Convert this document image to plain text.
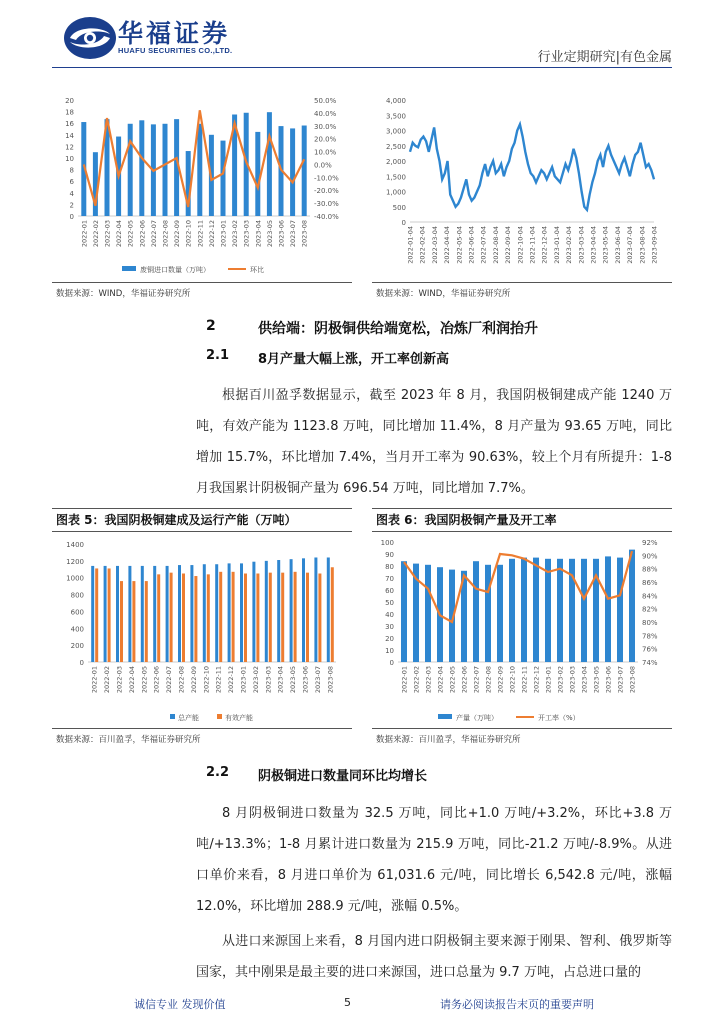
华福证券
HUAFU SECURITIES CO.,LTD.	行业定期研究|有色金属
0
2
4
6
8
10
12
14
16
18
20
-40.0%
-30.0%
-20.0%
-10.0%
0.0%
10.0%
20.0%
30.0%
40.0%
50.0%
2022-01 2022-02 2022-03 2022-04 2022-05 2022-06 2022-07 2022-08 2022-09 2022-10 2022-11 2022-12 2023-01 2023-02 2023-03 2023-04 2023-05 2023-06 2023-07 2023-08
废铜进口数量（万吨）	环比
0
500
1,000
1,500
2,000
2,500
3,000
3,500
4,000
2022-01-04 2022-02-04 2022-03-04 2022-04-04 2022-05-04 2022-06-04 2022-07-04 2022-08-04 2022-09-04 2022-10-04 2022-11-04 2022-12-04 2023-01-04 2023-02-04 2023-03-04 2023-04-04 2023-05-04 2023-06-04 2023-07-04 2023-08-04 2023-09-04
数据来源：WIND，华福证券研究所	数据来源：WIND，华福证券研究所
2	供给端：阴极铜供给端宽松，冶炼厂利润抬升
2.1 8月产量大幅上涨，开工率创新高

根据百川盈孚数据显示，截至 2023 年 8 月，我国阴极铜建成产能 1240 万吨，有效产能为 1123.8 万吨，同比增加 11.4%，8 月产量为 93.65 万吨，同比增加 15.7%，环比增加 7.4%，当月开工率为 90.63%，较上个月有所提升：1-8 月我国累计阴极铜产量为 696.54 万吨，同比增加 7.7%。

图表 5：我国阴极铜建成及运行产能（万吨）	图表 6：我国阴极铜产量及开工率
0
200
400
600
800
1000
1200
1400
2022-01 2022-02 2022-03 2022-04 2022-05 2022-06 2022-07 2022-08 2022-09 2022-10 2022-11 2022-12 2023-01 2023-02 2023-03 2023-04 2023-05 2023-06 2023-07 2023-08
总产能	有效产能
0
10
20
30
40
50
60
70
80
90
100
74%
76%
78%
80%
82%
84%
86%
88%
90%
92%
2022-01 2022-02 2022-03 2022-04 2022-05 2022-06 2022-07 2022-08 2022-09 2022-10 2022-11 2022-12 2023-01 2023-02 2023-03 2023-04 2023-05 2023-06 2023-07 2023-08
产量（万吨）	开工率（%）
数据来源：百川盈孚，华福证券研究所	数据来源：百川盈孚，华福证券研究所
2.2 阴极铜进口数量同环比均增长

8 月阴极铜进口数量为 32.5 万吨，同比+1.0 万吨/+3.2%，环比+3.8 万吨/+13.3%；1-8 月累计进口数量为 215.9 万吨，同比-21.2 万吨/-8.9%。从进口单价来看，8 月进口单价为 61,031.6 元/吨，同比增长 6,542.8 元/吨，涨幅 12.0%，环比增加 288.9 元/吨，涨幅 0.5%。

从进口来源国上来看，8 月国内进口阴极铜主要来源于刚果、智利、俄罗斯等国家，其中刚果是最主要的进口来源国，进口总量为 9.7 万吨，占总进口量的

诚信专业 发现价值	5	请务必阅读报告末页的重要声明
